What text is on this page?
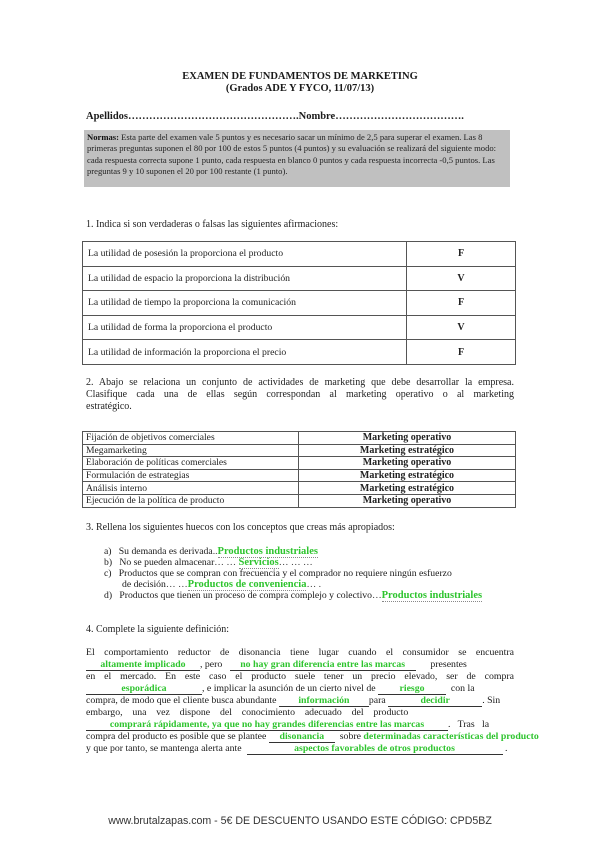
EXAMEN DE FUNDAMENTOS DE MARKETING
(Grados ADE Y FYCO, 11/07/13)
Apellidos………………………………………….Nombre……………………………….
Normas: Esta parte del examen vale 5 puntos y es necesario sacar un mínimo de 2,5 para superar el examen. Las 8 primeras preguntas suponen el 80 por 100 de estos 5 puntos (4 puntos) y su evaluación se realizará del siguiente modo: cada respuesta correcta supone 1 punto, cada respuesta en blanco 0 puntos y cada respuesta incorrecta -0,5 puntos. Las preguntas 9 y 10 suponen el 20 por 100 restante (1 punto).
1. Indica si son verdaderas o falsas las siguientes afirmaciones:
La utilidad de posesión la proporciona el producto	F
La utilidad de espacio la proporciona la distribución	V
La utilidad de tiempo la proporciona la comunicación	F
La utilidad de forma la proporciona el producto	V
La utilidad de información la proporciona el precio	F
2. Abajo se relaciona un conjunto de actividades de marketing que debe desarrollar la empresa.
Clasifique cada una de ellas según correspondan al marketing operativo o al marketing
estratégico.
Fijación de objetivos comerciales	Marketing operativo
Megamarketing	Marketing estratégico
Elaboración de políticas comerciales	Marketing operativo
Formulación de estrategias	Marketing estratégico
Análisis interno	Marketing estratégico
Ejecución de la política de producto	Marketing operativo
3. Rellena los siguientes huecos con los conceptos que creas más apropiados:
a) Su demanda es derivada..Productos industriales
b) No se pueden almacenar… … Servicios… … …
c) Productos que se compran con frecuencia y el comprador no requiere ningún esfuerzo
de decisión… …Productos de conveniencia… .
d) Productos que tienen un proceso de compra complejo y colectivo…Productos industriales
4. Complete la siguiente definición:
El comportamiento reductor de disonancia tiene lugar cuando el consumidor se encuentra
altamente implicado , pero no hay gran diferencia entre las marcas	presentes
en el mercado. En este caso el producto suele tener un precio elevado, ser de compra
esporádica	, e implicar la asunción de un cierto nivel de riesgo	con la
compra, de modo que el cliente busca abundante información para	decidir	. Sin
embargo,    una    vez    dispone    del    conocimiento    adecuado    del    producto
comprará rápidamente, ya que no hay grandes diferencias entre las marcas .   Tras   la
compra del producto es posible que se plantee disonancia sobre determinadas características del producto
y que por tanto, se mantenga alerta ante	aspectos favorables de otros productos	.
www.brutalzapas.com - 5€ DE DESCUENTO USANDO ESTE CÓDIGO: CPD5BZ
